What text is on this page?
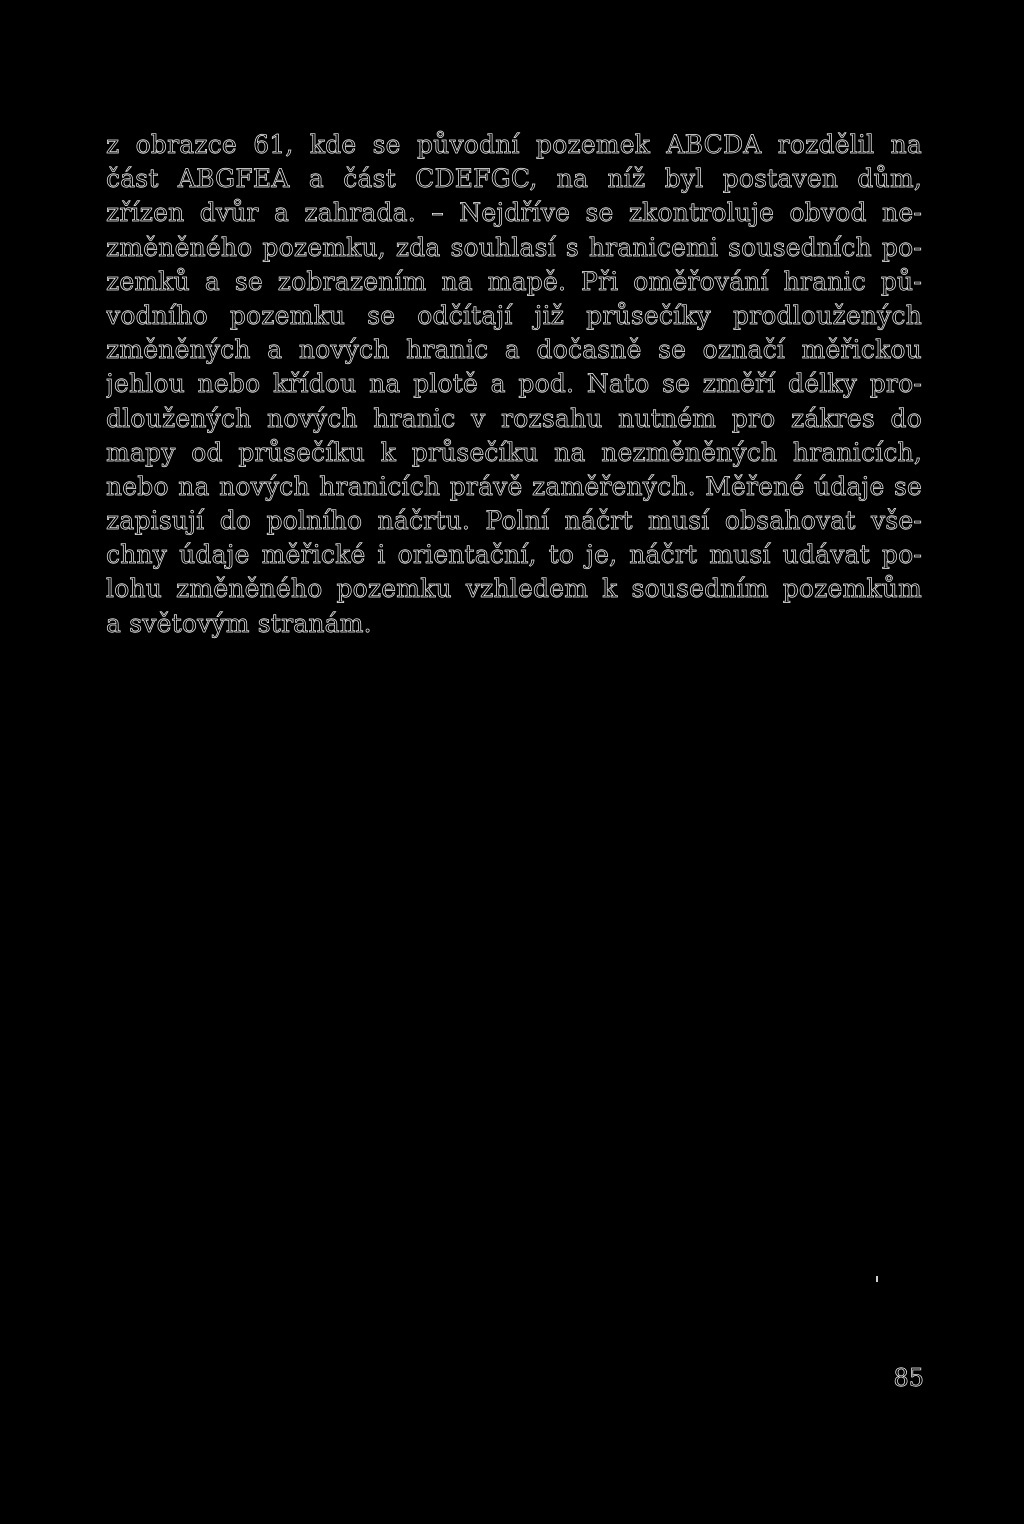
z obrazce 61, kde se původní pozemek ABCDA rozdělil na
část ABGFEA a část CDEFGC, na níž byl postaven dům,
zřízen dvůr a zahrada. – Nejdříve se zkontroluje obvod ne-
změněného pozemku, zda souhlasí s hranicemi sousedních po-
zemků a se zobrazením na mapě. Při oměřování hranic pů-
vodního pozemku se odčítají již průsečíky prodloužených
změněných a nových hranic a dočasně se označí měřickou
jehlou nebo křídou na plotě a pod. Nato se změří délky pro-
dloužených nových hranic v rozsahu nutném pro zákres do
mapy od průsečíku k průsečíku na nezměněných hranicích,
nebo na nových hranicích právě zaměřených. Měřené údaje se
zapisují do polního náčrtu. Polní náčrt musí obsahovat vše-
chny údaje měřické i orientační, to je, náčrt musí udávat po-
lohu změněného pozemku vzhledem k sousedním pozemkům
a světovým stranám.
85
